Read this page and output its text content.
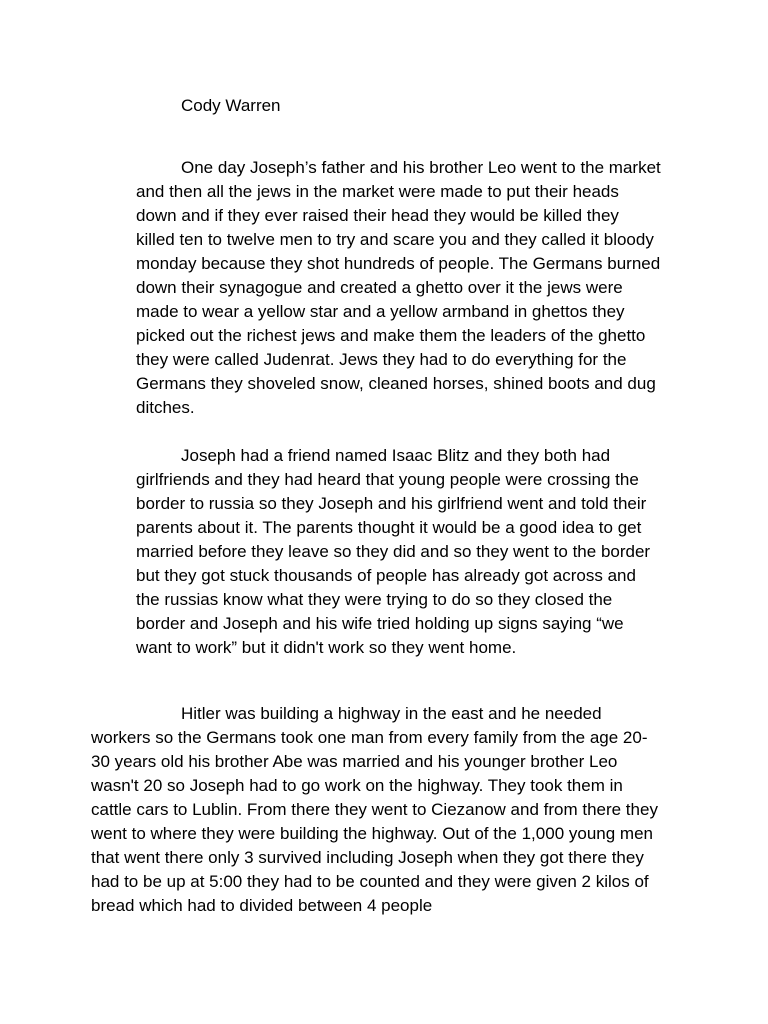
Cody Warren

One day Joseph’s father and his brother Leo went to the market
and then all the jews in the market were made to put their heads
down and if they ever raised their head they would be killed they
killed ten to twelve men to try and scare you and they called it bloody
monday because they shot hundreds of people. The Germans burned
down their synagogue and created a ghetto over it the jews were
made to wear a yellow star and a yellow armband in ghettos they
picked out the richest jews and make them the leaders of the ghetto
they were called Judenrat. Jews they had to do everything for the
Germans they shoveled snow, cleaned horses, shined boots and dug
ditches.
Joseph had a friend named Isaac Blitz and they both had
girlfriends and they had heard that young people were crossing the
border to russia so they Joseph and his girlfriend went and told their
parents about it. The parents thought it would be a good idea to get
married before they leave so they did and so they went to the border
but they got stuck thousands of people has already got across and
the russias know what they were trying to do so they closed the
border and Joseph and his wife tried holding up signs saying “we
want to work” but it didn't work so they went home.
Hitler was building a highway in the east and he needed
workers so the Germans took one man from every family from the age 20-
30 years old his brother Abe was married and his younger brother Leo
wasn't 20 so Joseph had to go work on the highway. They took them in
cattle cars to Lublin. From there they went to Ciezanow and from there they
went to where they were building the highway. Out of the 1,000 young men
that went there only 3 survived including Joseph when they got there they
had to be up at 5:00 they had to be counted and they were given 2 kilos of
bread which had to divided between 4 people
